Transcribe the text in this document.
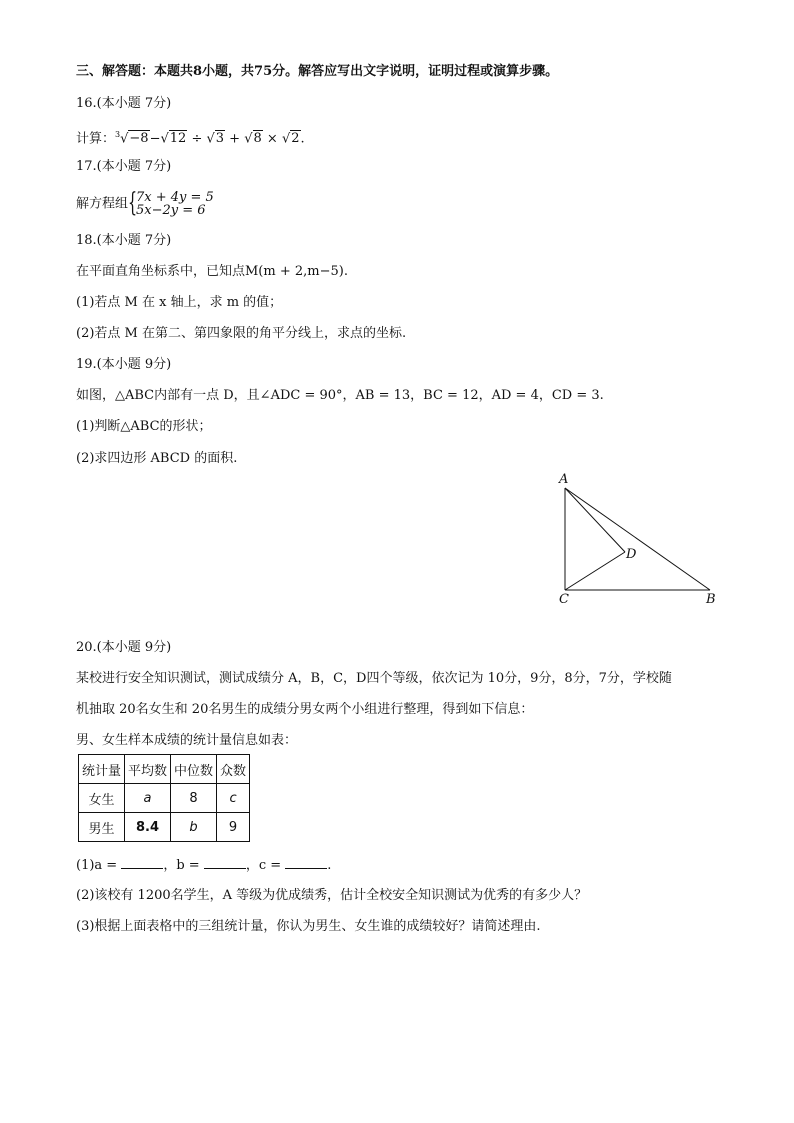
三、解答题：本题共8小题，共75分。解答应写出文字说明，证明过程或演算步骤。
16.(本小题 7分)
计算：$^3$√−8−√12 ÷ √3 + √8 × √2.
17.(本小题 7分)
解方程组 {
7x + 4y = 5
5x−2y = 6
18.(本小题 7分)
在平面直角坐标系中，已知点M(m + 2,m−5).
(1)若点 M 在 x 轴上，求 m 的值；
(2)若点 M 在第二、第四象限的角平分线上，求点的坐标.
19.(本小题 9分)
如图，△ABC内部有一点 D，且∠ADC = 90°，AB = 13，BC = 12，AD = 4，CD = 3.
(1)判断△ABC的形状；
(2)求四边形 ABCD 的面积.
A
D
C	B
20.(本小题 9分)
某校进行安全知识测试，测试成绩分 A，B，C，D四个等级，依次记为 10分，9分，8分，7分，学校随
机抽取 20名女生和 20名男生的成绩分男女两个小组进行整理，得到如下信息：
男、女生样本成绩的统计量信息如表：
统计量	平均数	中位数	众数
女生	a	8	c
男生	8.4	b	9
(1)a =	，b =	，c =	.
(2)该校有 1200名学生，A 等级为优成绩秀，估计全校安全知识测试为优秀的有多少人？
(3)根据上面表格中的三组统计量，你认为男生、女生谁的成绩较好？请简述理由.
